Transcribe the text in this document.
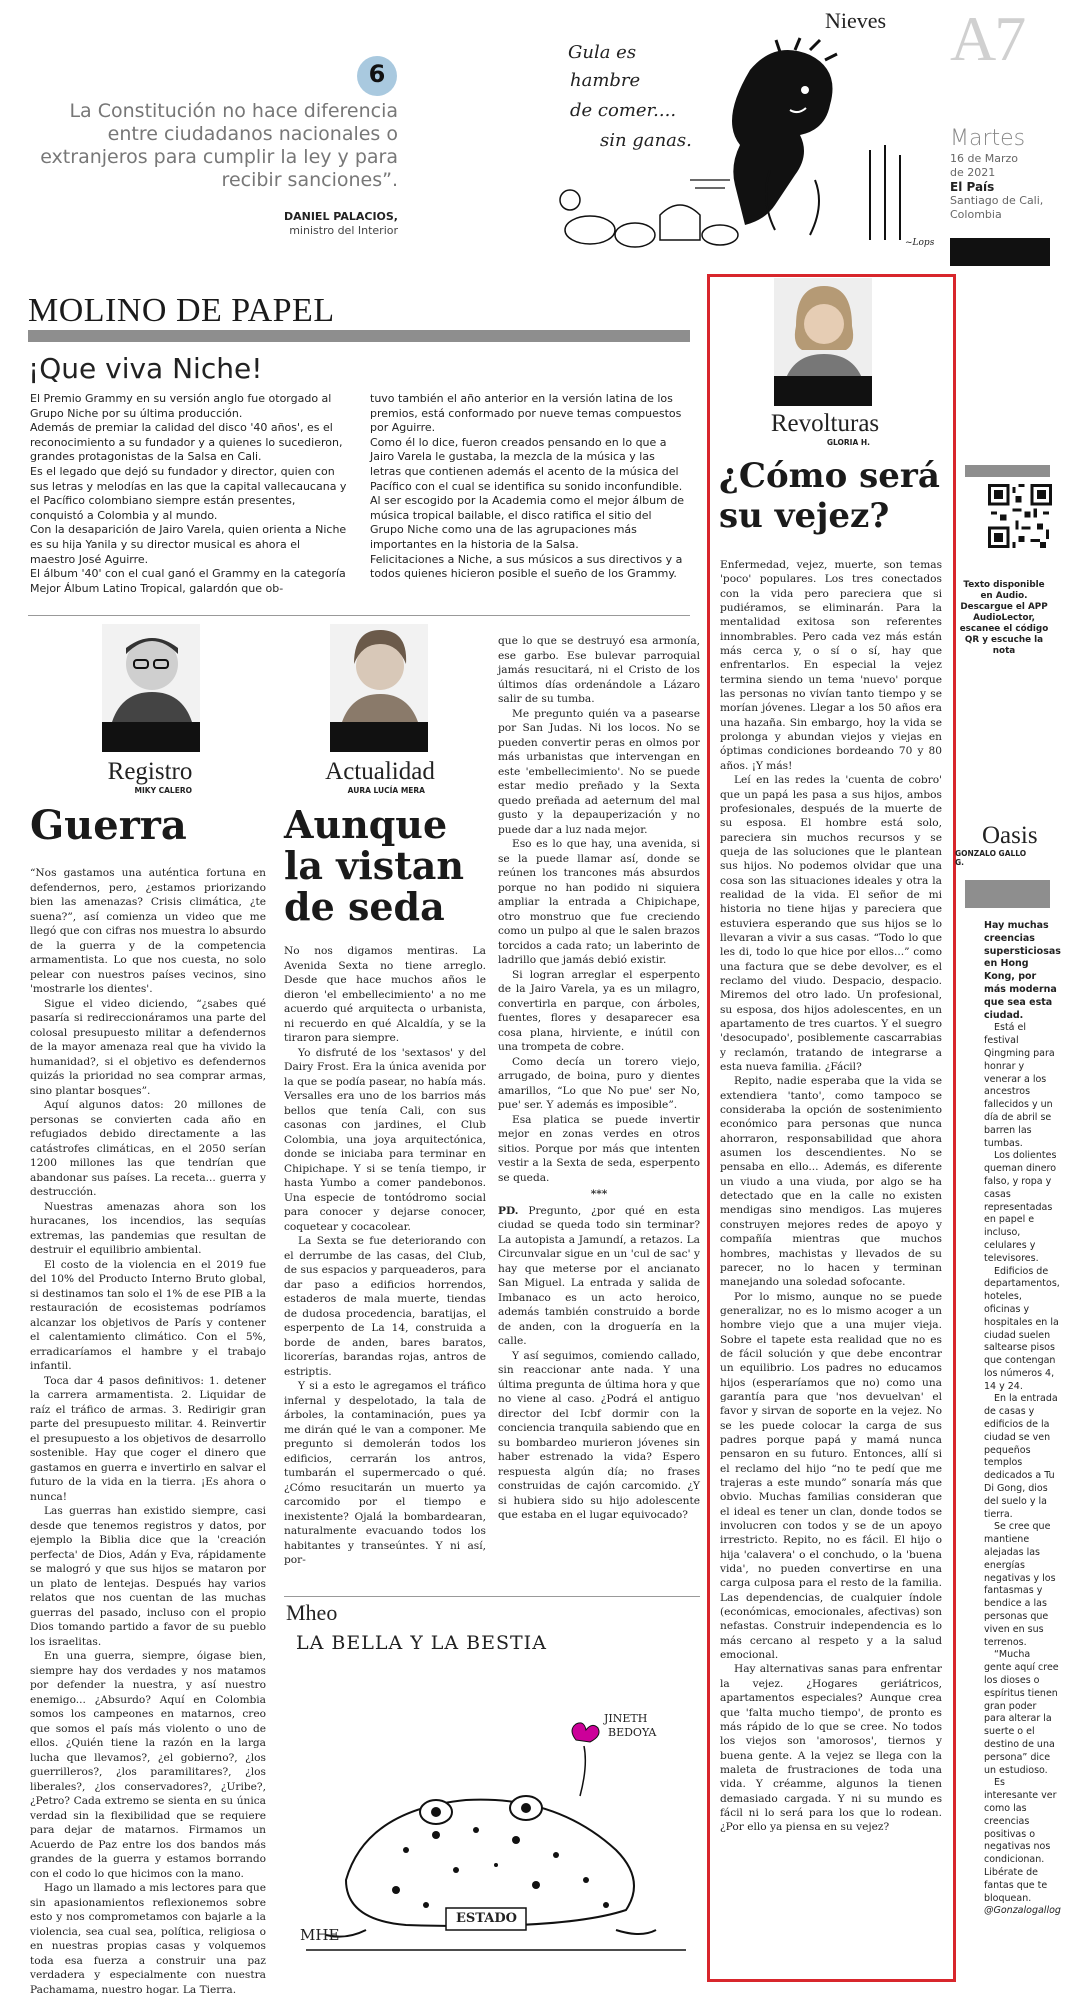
Nieves A7
Martes
16 de Marzo
de 2021
El País
Santiago de Cali,
Colombia
6
La Constitución no hace diferencia entre ciudadanos nacionales o extranjeros para cumplir la ley y para recibir sanciones”.
DANIEL PALACIOS,
ministro del Interior
Gula es
hambre
de comer....
sin ganas.
~Lops
MOLINO DE PAPEL
¡Que viva Niche!

El Premio Grammy en su versión anglo fue otorgado al Grupo Niche por su última producción.

Además de premiar la calidad del disco '40 años', es el reconocimiento a su fundador y a quienes lo sucedieron, grandes protagonistas de la Salsa en Cali.

Es el legado que dejó su fundador y director, quien con sus letras y melodías en las que la capital vallecaucana y el Pacífico colombiano siempre están presentes, conquistó a Colombia y al mundo.

Con la desaparición de Jairo Varela, quien orienta a Niche es su hija Yanila y su director musical es ahora el maestro José Aguirre.

El álbum '40' con el cual ganó el Grammy en la categoría Mejor Álbum Latino Tropical, galardón que ob-

tuvo también el año anterior en la versión latina de los premios, está conformado por nueve temas compuestos por Aguirre.

Como él lo dice, fueron creados pensando en lo que a Jairo Varela le gustaba, la mezcla de la música y las letras que contienen además el acento de la música del Pacífico con el cual se identifica su sonido inconfundible.

Al ser escogido por la Academia como el mejor álbum de música tropical bailable, el disco ratifica el sitio del Grupo Niche como una de las agrupaciones más importantes en la historia de la Salsa.

Felicitaciones a Niche, a sus músicos a sus directivos y a todos quienes hicieron posible el sueño de los Grammy.

Registro
MIKY CALERO
Guerra

“Nos gastamos una auténtica fortuna en defendernos, pero, ¿estamos priorizando bien las amenazas? Crisis climática, ¿te suena?”, así comienza un video que me llegó que con cifras nos muestra lo absurdo de la guerra y de la competencia armamentista. Lo que nos cuesta, no solo pelear con nuestros países vecinos, sino 'mostrarle los dientes'.

Sigue el video diciendo, “¿sabes qué pasaría si redireccionáramos una parte del colosal presupuesto militar a defendernos de la mayor amenaza real que ha vivido la humanidad?, si el objetivo es defendernos quizás la prioridad no sea comprar armas, sino plantar bosques”.

Aquí algunos datos: 20 millones de personas se convierten cada año en refugiados debido directamente a las catástrofes climáticas, en el 2050 serían 1200 millones las que tendrían que abandonar sus países. La receta... guerra y destrucción.

Nuestras amenazas ahora son los huracanes, los incendios, las sequías extremas, las pandemias que resultan de destruir el equilibrio ambiental.

El costo de la violencia en el 2019 fue del 10% del Producto Interno Bruto global, si destinamos tan solo el 1% de ese PIB a la restauración de ecosistemas podríamos alcanzar los objetivos de París y contener el calentamiento climático. Con el 5%, erradicaríamos el hambre y el trabajo infantil.

Toca dar 4 pasos definitivos: 1. detener la carrera armamentista. 2. Liquidar de raíz el tráfico de armas. 3. Redirigir gran parte del presupuesto militar. 4. Reinvertir el presupuesto a los objetivos de desarrollo sostenible. Hay que coger el dinero que gastamos en guerra e invertirlo en salvar el futuro de la vida en la tierra. ¡Es ahora o nunca!

Las guerras han existido siempre, casi desde que tenemos registros y datos, por ejemplo la Biblia dice que la 'creación perfecta' de Dios, Adán y Eva, rápidamente se malogró y que sus hijos se mataron por un plato de lentejas. Después hay varios relatos que nos cuentan de las muchas guerras del pasado, incluso con el propio Dios tomando partido a favor de su pueblo los israelitas.

En una guerra, siempre, óigase bien, siempre hay dos verdades y nos matamos por defender la nuestra, y así nuestro enemigo... ¿Absurdo? Aquí en Colombia somos los campeones en matarnos, creo que somos el país más violento o uno de ellos. ¿Quién tiene la razón en la larga lucha que llevamos?, ¿el gobierno?, ¿los guerrilleros?, ¿los paramilitares?, ¿los liberales?, ¿los conservadores?, ¿Uribe?, ¿Petro? Cada extremo se sienta en su única verdad sin la flexibilidad que se requiere para dejar de matarnos. Firmamos un Acuerdo de Paz entre los dos bandos más grandes de la guerra y estamos borrando con el codo lo que hicimos con la mano.

Hago un llamado a mis lectores para que sin apasionamientos reflexionemos sobre esto y nos comprometamos con bajarle a la violencia, sea cual sea, política, religiosa o en nuestras propias casas y volquemos toda esa fuerza a construir una paz verdadera y especialmente con nuestra Pachamama, nuestro hogar. La Tierra.

Actualidad
AURA LUCÍA MERA
Aunque
la vistan
de seda

No nos digamos mentiras. La Avenida Sexta no tiene arreglo. Desde que hace muchos años le dieron 'el embellecimiento' a no me acuerdo qué arquitecta o urbanista, ni recuerdo en qué Alcaldía, y se la tiraron para siempre.

Yo disfruté de los 'sextasos' y del Dairy Frost. Era la única avenida por la que se podía pasear, no había más. Versalles era uno de los barrios más bellos que tenía Cali, con sus casonas con jardines, el Club Colombia, una joya arquitectónica, donde se iniciaba para terminar en Chipichape. Y si se tenía tiempo, ir hasta Yumbo a comer pandebonos. Una especie de tontódromo social para conocer y dejarse conocer, coquetear y cocacolear.

La Sexta se fue deteriorando con el derrumbe de las casas, del Club, de sus espacios y parqueaderos, para dar paso a edificios horrendos, estaderos de mala muerte, tiendas de dudosa procedencia, baratijas, el esperpento de La 14, construida a borde de anden, bares baratos, licorerías, barandas rojas, antros de estriptis.

Y si a esto le agregamos el tráfico infernal y despelotado, la tala de árboles, la contaminación, pues ya me dirán qué le van a componer. Me pregunto si demolerán todos los edificios, cerrarán los antros, tumbarán el supermercado o qué. ¿Cómo resucitarán un muerto ya carcomido por el tiempo e inexistente? Ojalá la bombardearan, naturalmente evacuando todos los habitantes y transeúntes. Y ni así, por-

que lo que se destruyó esa armonía, ese garbo. Ese bulevar parroquial jamás resucitará, ni el Cristo de los últimos días ordenándole a Lázaro salir de su tumba.

Me pregunto quién va a pasearse por San Judas. Ni los locos. No se pueden convertir peras en olmos por más urbanistas que intervengan en este 'embellecimiento'. No se puede estar medio preñado y la Sexta quedo preñada ad aeternum del mal gusto y la depauperización y no puede dar a luz nada mejor.

Eso es lo que hay, una avenida, si se la puede llamar así, donde se reúnen los trancones más absurdos porque no han podido ni siquiera ampliar la entrada a Chipichape, otro monstruo que fue creciendo como un pulpo al que le salen brazos torcidos a cada rato; un laberinto de ladrillo que jamás debió existir.

Si logran arreglar el esperpento de la Jairo Varela, ya es un milagro, convertirla en parque, con árboles, fuentes, flores y desaparecer esa cosa plana, hirviente, e inútil con una trompeta de cobre.

Como decía un torero viejo, arrugado, de boina, puro y dientes amarillos, “Lo que No pue' ser No, pue' ser. Y además es imposible”.

Esa platica se puede invertir mejor en zonas verdes en otros sitios. Porque por más que intenten vestir a la Sexta de seda, esperpento se queda.

***

PD. Pregunto, ¿por qué en esta ciudad se queda todo sin terminar? La autopista a Jamundí, a retazos. La Circunvalar sigue en un 'cul de sac' y hay que meterse por el ancianato San Miguel. La entrada y salida de Imbanaco es un acto heroico, además también construido a borde de anden, con la droguería en la calle.

Y así seguimos, comiendo callado, sin reaccionar ante nada. Y una última pregunta de última hora y que no viene al caso. ¿Podrá el antiguo director del Icbf dormir con la conciencia tranquila sabiendo que en su bombardeo murieron jóvenes sin haber estrenado la vida? Espero respuesta algún día; no frases construidas de cajón carcomido. ¿Y si hubiera sido su hijo adolescente que estaba en el lugar equivocado?

Mheo
LA BELLA Y LA BESTIA
JINETH
BEDOYA
ESTADO
MHE
Revolturas
GLORIA H.
¿Cómo será
su vejez?

Enfermedad, vejez, muerte, son temas 'poco' populares. Los tres conectados con la vida pero pareciera que si pudiéramos, se eliminarán. Para la mentalidad exitosa son referentes innombrables. Pero cada vez más están más cerca y, o sí o sí, hay que enfrentarlos. En especial la vejez termina siendo un tema 'nuevo' porque las personas no vivían tanto tiempo y se morían jóvenes. Llegar a los 50 años era una hazaña. Sin embargo, hoy la vida se prolonga y abundan viejos y viejas en óptimas condiciones bordeando 70 y 80 años. ¡Y más!

Leí en las redes la 'cuenta de cobro' que un papá les pasa a sus hijos, ambos profesionales, después de la muerte de su esposa. El hombre está solo, pareciera sin muchos recursos y se queja de las soluciones que le plantean sus hijos. No podemos olvidar que una cosa son las situaciones ideales y otra la realidad de la vida. El señor de mi historia no tiene hijas y pareciera que estuviera esperando que sus hijos se lo llevaran a vivir a sus casas. “Todo lo que les di, todo lo que hice por ellos...” como una factura que se debe devolver, es el reclamo del viudo. Despacio, despacio. Miremos del otro lado. Un profesional, su esposa, dos hijos adolescentes, en un apartamento de tres cuartos. Y el suegro 'desocupado', posiblemente cascarrabias y reclamón, tratando de integrarse a esta nueva familia. ¿Fácil?

Repito, nadie esperaba que la vida se extendiera 'tanto', como tampoco se consideraba la opción de sostenimiento económico para personas que nunca ahorraron, responsabilidad que ahora asumen los descendientes. No se pensaba en ello... Además, es diferente un viudo a una viuda, por algo se ha detectado que en la calle no existen mendigas sino mendigos. Las mujeres construyen mejores redes de apoyo y compañía mientras que muchos hombres, machistas y llevados de su parecer, no lo hacen y terminan manejando una soledad sofocante.

Por lo mismo, aunque no se puede generalizar, no es lo mismo acoger a un hombre viejo que a una mujer vieja. Sobre el tapete esta realidad que no es de fácil solución y que debe encontrar un equilibrio. Los padres no educamos hijos (esperaríamos que no) como una garantía para que 'nos devuelvan' el favor y sirvan de soporte en la vejez. No se les puede colocar la carga de sus padres porque papá y mamá nunca pensaron en su futuro. Entonces, allí si el reclamo del hijo “no te pedí que me trajeras a este mundo” sonaría más que obvio. Muchas familias consideran que el ideal es tener un clan, donde todos se involucren con todos y se de un apoyo irrestricto. Repito, no es fácil. El hijo o hija 'calavera' o el conchudo, o la 'buena vida', no pueden convertirse en una carga culposa para el resto de la familia. Las dependencias, de cualquier índole (económicas, emocionales, afectivas) son nefastas. Construir independencia es lo más cercano al respeto y a la salud emocional.

Hay alternativas sanas para enfrentar la vejez. ¿Hogares geriátricos, apartamentos especiales? Aunque crea que 'falta mucho tiempo', de pronto es más rápido de lo que se cree. No todos los viejos son 'amorosos', tiernos y buena gente. A la vejez se llega con la maleta de frustraciones de toda una vida. Y créamme, algunos la tienen demasiado cargada. Y ni su mundo es fácil ni lo será para los que lo rodean. ¿Por ello ya piensa en su vejez?

Texto disponible en Audio. Descargue el APP AudioLector, escanee el código QR y escuche la nota
Oasis
GONZALO GALLO G.

Hay muchas creencias supersticiosas en Hong Kong, por más moderna que sea esta ciudad.

Está el festival Qingming para honrar y venerar a los ancestros fallecidos y un día de abril se barren las tumbas.

Los dolientes queman dinero falso, y ropa y casas representadas en papel e incluso, celulares y televisores.

Edificios de departamentos, hoteles, oficinas y hospitales en la ciudad suelen saltearse pisos que contengan los números 4, 14 y 24.

En la entrada de casas y edificios de la ciudad se ven pequeños templos dedicados a Tu Di Gong, dios del suelo y la tierra.

Se cree que mantiene alejadas las energías negativas y los fantasmas y bendice a las personas que viven en sus terrenos.

“Mucha gente aquí cree los dioses o espíritus tienen gran poder para alterar la suerte o el destino de una persona” dice un estudioso.

Es interesante ver como las creencias positivas o negativas nos condicionan. Libérate de fantas que te bloquean.

@Gonzalogallog
